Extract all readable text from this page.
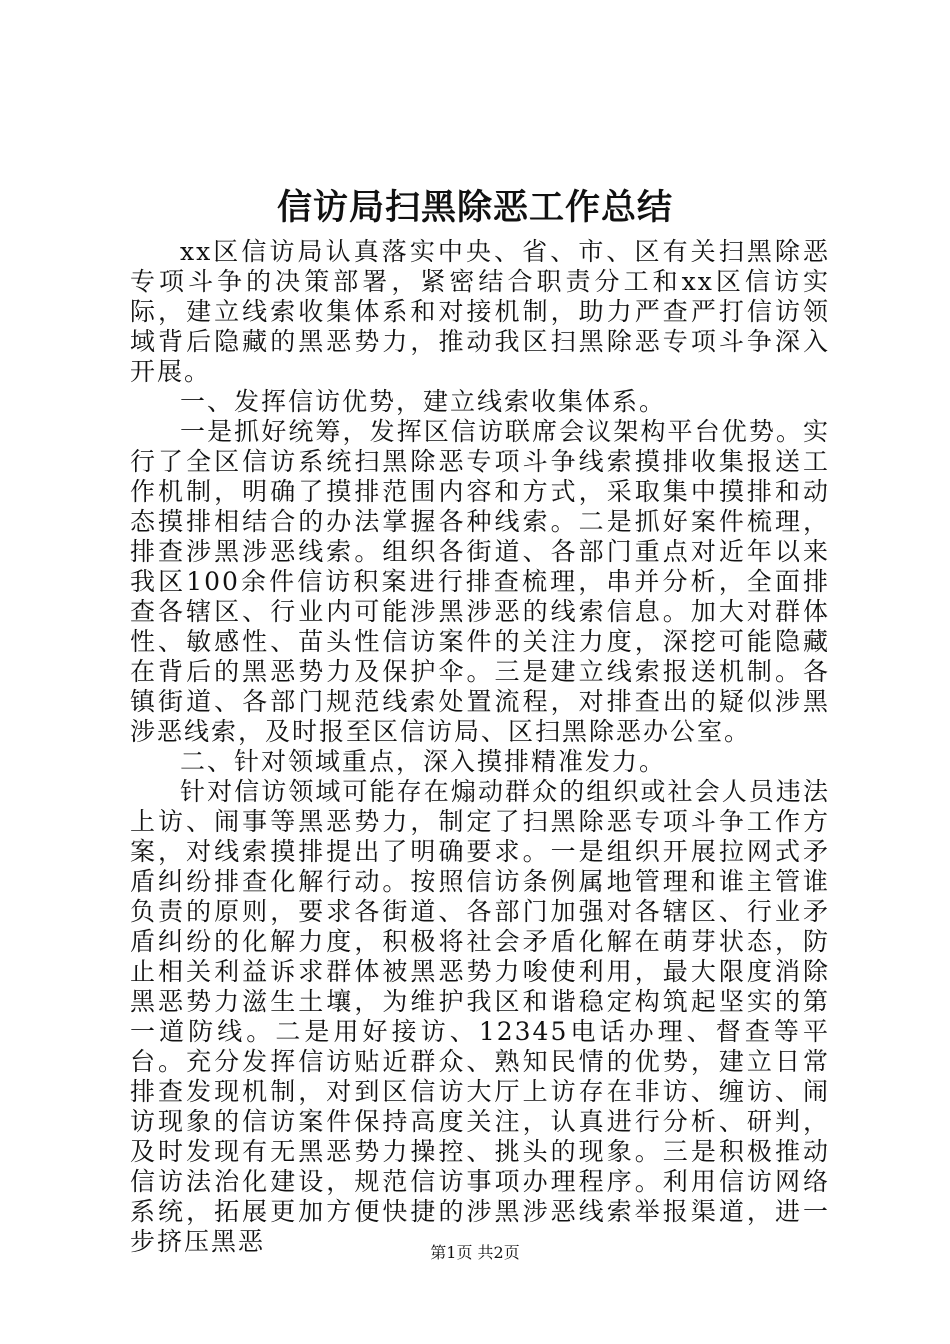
信访局扫黑除恶工作总结

xx区信访局认真落实中央、省、市、区有关扫黑除恶专项斗争的决策部署，紧密结合职责分工和xx区信访实际，建立线索收集体系和对接机制，助力严查严打信访领域背后隐藏的黑恶势力，推动我区扫黑除恶专项斗争深入开展。

一、发挥信访优势，建立线索收集体系。

一是抓好统筹，发挥区信访联席会议架构平台优势。实行了全区信访系统扫黑除恶专项斗争线索摸排收集报送工作机制，明确了摸排范围内容和方式，采取集中摸排和动态摸排相结合的办法掌握各种线索。二是抓好案件梳理，排查涉黑涉恶线索。组织各街道、各部门重点对近年以来我区100余件信访积案进行排查梳理，串并分析，全面排查各辖区、行业内可能涉黑涉恶的线索信息。加大对群体性、敏感性、苗头性信访案件的关注力度，深挖可能隐藏在背后的黑恶势力及保护伞。三是建立线索报送机制。各镇街道、各部门规范线索处置流程，对排查出的疑似涉黑涉恶线索，及时报至区信访局、区扫黑除恶办公室。

二、针对领域重点，深入摸排精准发力。

针对信访领域可能存在煽动群众的组织或社会人员违法上访、闹事等黑恶势力，制定了扫黑除恶专项斗争工作方案，对线索摸排提出了明确要求。一是组织开展拉网式矛盾纠纷排查化解行动。按照信访条例属地管理和谁主管谁负责的原则，要求各街道、各部门加强对各辖区、行业矛盾纠纷的化解力度，积极将社会矛盾化解在萌芽状态，防止相关利益诉求群体被黑恶势力唆使利用，最大限度消除黑恶势力滋生土壤，为维护我区和谐稳定构筑起坚实的第一道防线。二是用好接访、12345电话办理、督查等平台。充分发挥信访贴近群众、熟知民情的优势，建立日常排查发现机制，对到区信访大厅上访存在非访、缠访、闹访现象的信访案件保持高度关注，认真进行分析、研判，及时发现有无黑恶势力操控、挑头的现象。三是积极推动信访法治化建设，规范信访事项办理程序。利用信访网络系统，拓展更加方便快捷的涉黑涉恶线索举报渠道，进一步挤压黑恶	第1页 共2页
